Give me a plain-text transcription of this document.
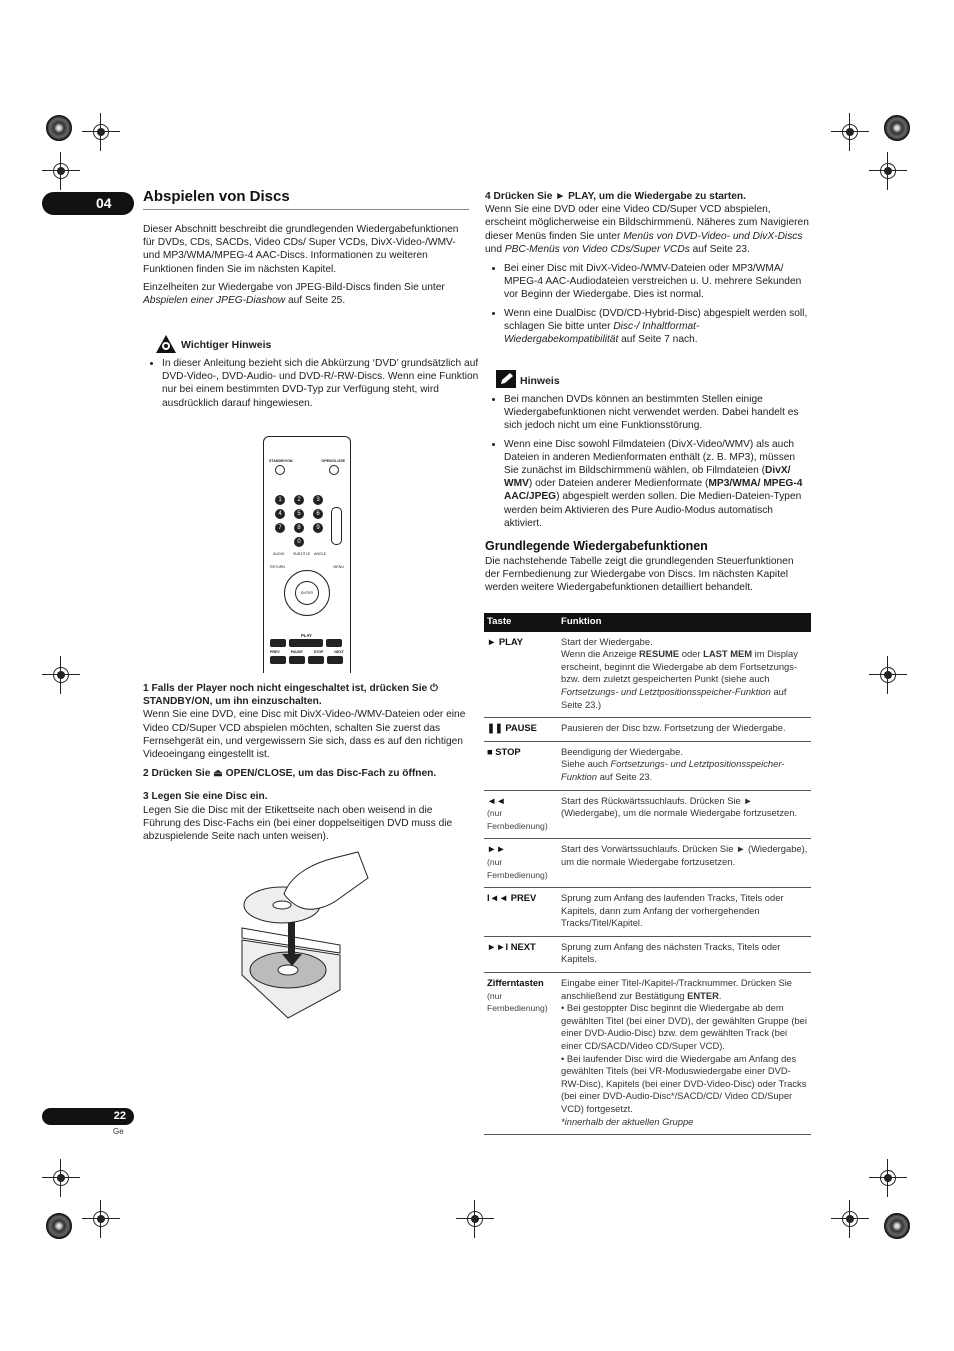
04	Abspielen von Discs

Dieser Abschnitt beschreibt die grundlegenden Wiedergabefunktionen für DVDs, CDs, SACDs, Video CDs/ Super VCDs, DivX-Video-/WMV- und MP3/WMA/MPEG-4 AAC-Discs. Informationen zu weiteren Funktionen finden Sie im nächsten Kapitel.

Einzelheiten zur Wiedergabe von JPEG-Bild-Discs finden Sie unter Abspielen einer JPEG-Diashow auf Seite 25.

Wichtiger Hinweis
• In dieser Anleitung bezieht sich die Abkürzung ‘DVD’ grundsätzlich auf DVD-Video-, DVD-Audio- und DVD-R/-RW-Discs. Wenn eine Funktion nur bei einem bestimmten DVD-Typ zur Verfügung steht, wird ausdrücklich darauf hingewiesen.
STANDBY/ON	OPEN/CLOSE
1	2	3
4	5	6
7	8	9
0
AUDIO SUBTITLE ANGLE
RETURN	MENU
ENTER
PLAY
PREV	PAUSE	STOP	NEXT

1 Falls der Player noch nicht eingeschaltet ist, drücken Sie ⏻ STANDBY/ON, um ihn einzuschalten.

Wenn Sie eine DVD, eine Disc mit DivX-Video-/WMV-Dateien oder eine Video CD/Super VCD abspielen möchten, schalten Sie zuerst das Fernsehgerät ein, und vergewissern Sie sich, dass es auf den richtigen Videoeingang eingestellt ist.

2 Drücken Sie ⏏ OPEN/CLOSE, um das Disc-Fach zu öffnen.

3 Legen Sie eine Disc ein.

Legen Sie die Disc mit der Etikettseite nach oben weisend in die Führung des Disc-Fachs ein (bei einer doppelseitigen DVD muss die abzuspielende Seite nach unten weisen).

4 Drücken Sie ► PLAY, um die Wiedergabe zu starten.

Wenn Sie eine DVD oder eine Video CD/Super VCD abspielen, erscheint möglicherweise ein Bildschirmmenü. Näheres zum Navigieren dieser Menüs finden Sie unter Menüs von DVD-Video- und DivX-Discs und PBC-Menüs von Video CDs/Super VCDs auf Seite 23.

• Bei einer Disc mit DivX-Video-/WMV-Dateien oder MP3/WMA/ MPEG-4 AAC-Audiodateien verstreichen u. U. mehrere Sekunden vor Beginn der Wiedergabe. Dies ist normal.
• Wenn eine DualDisc (DVD/CD-Hybrid-Disc) abgespielt werden soll, schlagen Sie bitte unter Disc-/ Inhaltformat-Wiedergabekompatibilität auf Seite 7 nach.
Hinweis
• Bei manchen DVDs können an bestimmten Stellen einige Wiedergabefunktionen nicht verwendet werden. Dabei handelt es sich jedoch nicht um eine Funktionsstörung.
• Wenn eine Disc sowohl Filmdateien (DivX-Video/WMV) als auch Dateien in anderen Medienformaten enthält (z. B. MP3), müssen Sie zunächst im Bildschirmmenü wählen, ob Filmdateien (DivX/ WMV) oder Dateien anderer Medienformate (MP3/WMA/ MPEG-4 AAC/JPEG) abgespielt werden sollen. Die Medien-Dateien-Typen werden beim Aktivieren des Pure Audio-Modus automatisch aktiviert.
Grundlegende Wiedergabefunktionen

Die nachstehende Tabelle zeigt die grundlegenden Steuerfunktionen der Fernbedienung zur Wiedergabe von Discs. Im nächsten Kapitel werden weitere Wiedergabefunktionen detailliert behandelt.

Taste	Funktion
► PLAY	Start der Wiedergabe.
Wenn die Anzeige RESUME oder LAST MEM im Display erscheint, beginnt die Wiedergabe ab dem Fortsetzungs- bzw. dem zuletzt gespeicherten Punkt (siehe auch Fortsetzungs- und Letztpositionsspeicher-Funktion auf Seite 23.)
❚❚ PAUSE	Pausieren der Disc bzw. Fortsetzung der Wiedergabe.
■ STOP	Beendigung der Wiedergabe.
Siehe auch Fortsetzungs- und Letztpositionsspeicher-Funktion auf Seite 23.
◄◄
(nur Fernbedienung)	Start des Rückwärtssuchlaufs. Drücken Sie ► (Wiedergabe), um die normale Wiedergabe fortzusetzen.
►►
(nur Fernbedienung)	Start des Vorwärtssuchlaufs. Drücken Sie ► (Wiedergabe), um die normale Wiedergabe fortzusetzen.
I◄◄ PREV	Sprung zum Anfang des laufenden Tracks, Titels oder Kapitels, dann zum Anfang der vorhergehenden Tracks/Titel/Kapitel.
►►I NEXT	Sprung zum Anfang des nächsten Tracks, Titels oder Kapitels.
Zifferntasten
(nur Fernbedienung)	Eingabe einer Titel-/Kapitel-/Tracknummer. Drücken Sie anschließend zur Bestätigung ENTER.
• Bei gestoppter Disc beginnt die Wiedergabe ab dem gewählten Titel (bei einer DVD), der gewählten Gruppe (bei einer DVD-Audio-Disc) bzw. dem gewählten Track (bei einer CD/SACD/Video CD/Super VCD).
• Bei laufender Disc wird die Wiedergabe am Anfang des gewählten Titels (bei VR-Moduswiedergabe einer DVD-RW-Disc), Kapitels (bei einer DVD-Video-Disc) oder Tracks (bei einer DVD-Audio-Disc*/SACD/CD/ Video CD/Super VCD) fortgesetzt.
*innerhalb der aktuellen Gruppe
22
Ge
